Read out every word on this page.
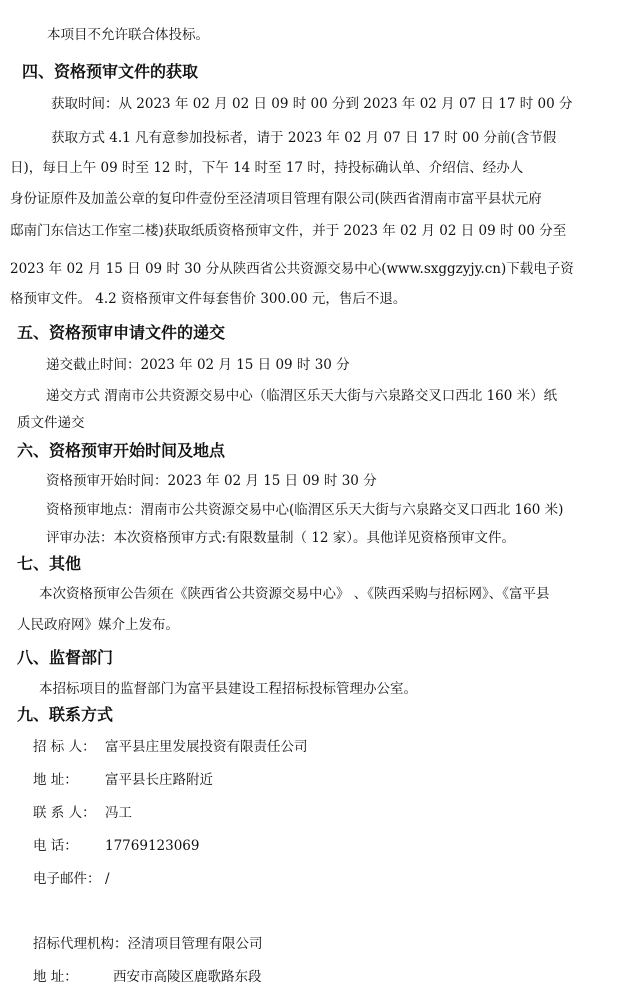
本项目不允许联合体投标。
四、资格预审文件的获取
获取时间：从 2023 年 02 月 02 日 09 时 00 分到 2023 年 02 月 07 日 17 时 00 分
获取方式 4.1 凡有意参加投标者，请于 2023 年 02 月 07 日 17 时 00 分前(含节假
日)，每日上午 09 时至 12 时，下午 14 时至 17 时，持投标确认单、介绍信、经办人
身份证原件及加盖公章的复印件壹份至泾清项目管理有限公司(陕西省渭南市富平县状元府
邸南门东信达工作室二楼)获取纸质资格预审文件，并于 2023 年 02 月 02 日 09 时 00 分至
2023 年 02 月 15 日 09 时 30 分从陕西省公共资源交易中心(www.sxggzyjy.cn)下载电子资
格预审文件。 4.2 资格预审文件每套售价 300.00 元，售后不退。
五、资格预审申请文件的递交
递交截止时间：2023 年 02 月 15 日 09 时 30 分
递交方式 渭南市公共资源交易中心（临渭区乐天大街与六泉路交叉口西北 160 米）纸
质文件递交
六、资格预审开始时间及地点
资格预审开始时间：2023 年 02 月 15 日 09 时 30 分
资格预审地点：渭南市公共资源交易中心(临渭区乐天大街与六泉路交叉口西北 160 米)
评审办法：本次资格预审方式:有限数量制（ 12 家）。具他详见资格预审文件。
七、其他
本次资格预审公告须在《陕西省公共资源交易中心》 、《陕西采购与招标网》、《富平县
人民政府网》媒介上发布。
八、监督部门
本招标项目的监督部门为富平县建设工程招标投标管理办公室。
九、联系方式
招 标 人： 富平县庄里发展投资有限责任公司
地 址： 富平县长庄路附近
联 系 人： 冯工
电 话： 17769123069
电子邮件： /
招标代理机构：泾清项目管理有限公司
地 址：	西安市高陵区鹿歌路东段
